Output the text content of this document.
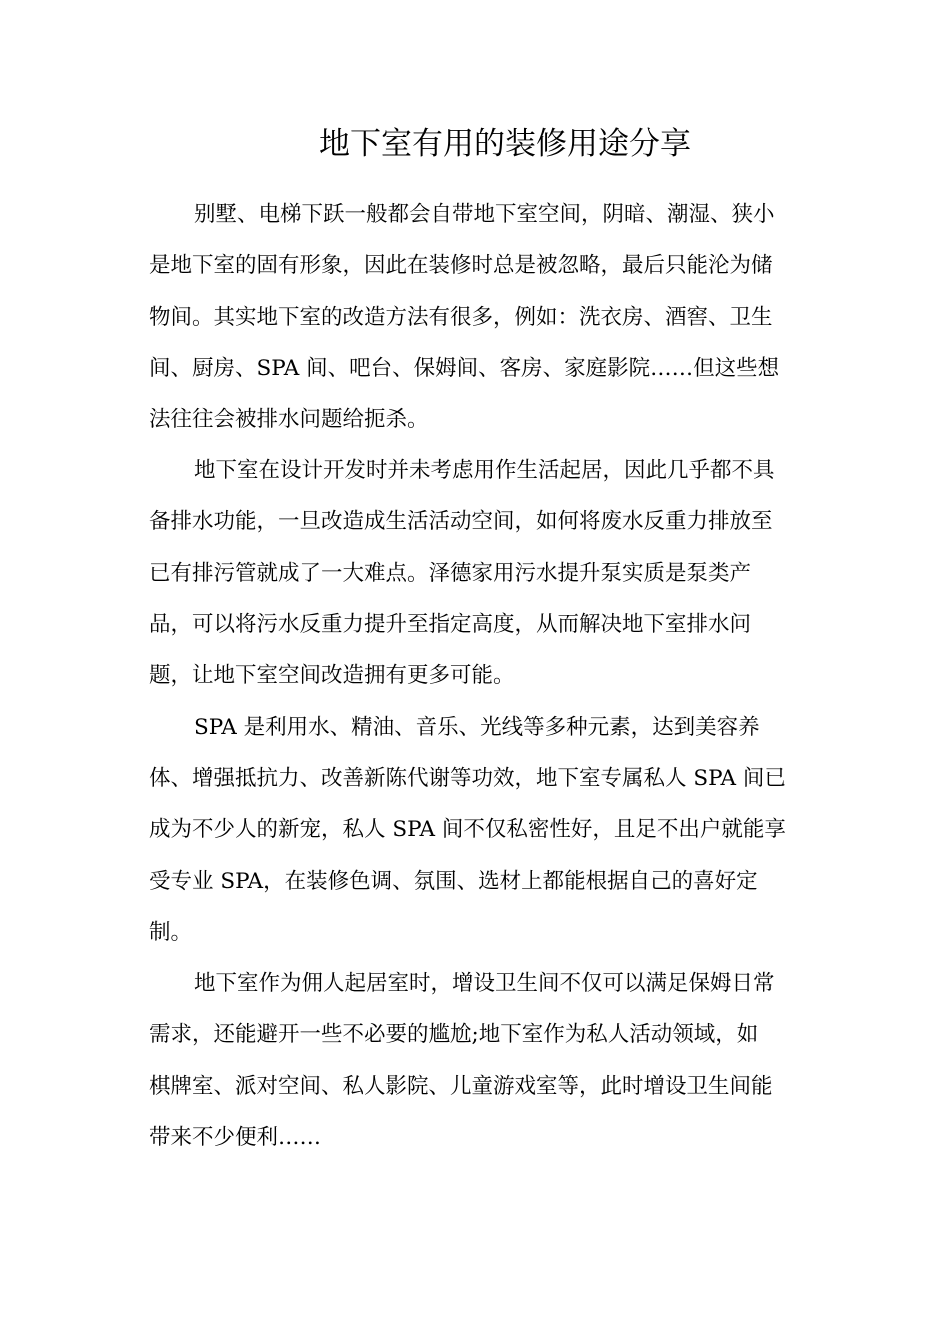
地下室有用的装修用途分享

别墅、电梯下跃一般都会自带地下室空间，阴暗、潮湿、狭小

是地下室的固有形象，因此在装修时总是被忽略，最后只能沦为储

物间。其实地下室的改造方法有很多，例如：洗衣房、酒窖、卫生

间、厨房、SPA 间、吧台、保姆间、客房、家庭影院……但这些想

法往往会被排水问题给扼杀。

地下室在设计开发时并未考虑用作生活起居，因此几乎都不具

备排水功能，一旦改造成生活活动空间，如何将废水反重力排放至

已有排污管就成了一大难点。泽德家用污水提升泵实质是泵类产

品，可以将污水反重力提升至指定高度，从而解决地下室排水问

题，让地下室空间改造拥有更多可能。

SPA 是利用水、精油、音乐、光线等多种元素，达到美容养

体、增强抵抗力、改善新陈代谢等功效，地下室专属私人 SPA 间已

成为不少人的新宠，私人 SPA 间不仅私密性好，且足不出户就能享

受专业 SPA，在装修色调、氛围、选材上都能根据自己的喜好定

制。

地下室作为佣人起居室时，增设卫生间不仅可以满足保姆日常

需求，还能避开一些不必要的尴尬;地下室作为私人活动领域，如

棋牌室、派对空间、私人影院、儿童游戏室等，此时增设卫生间能

带来不少便利……
